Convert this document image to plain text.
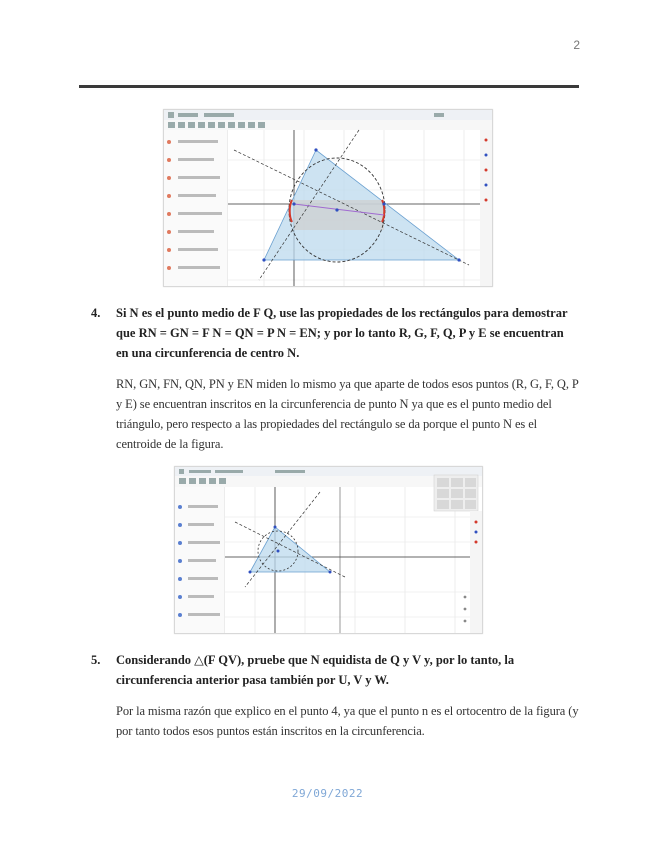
2
4. Si N es el punto medio de F Q, use las propiedades de los rectángulos para demostrar que RN = GN = F N = QN = P N = EN; y por lo tanto R, G, F, Q, P y E se encuentran en una circunferencia de centro N.
RN, GN, FN, QN, PN y EN miden lo mismo ya que aparte de todos esos puntos (R, G, F, Q, P y E) se encuentran inscritos en la circunferencia de punto N ya que es el punto medio del triángulo, pero respecto a las propiedades del rectángulo se da porque el punto N es el centroide de la figura.
5. Considerando △(F QV), pruebe que N equidista de Q y V y, por lo tanto, la circunferencia anterior pasa también por U, V y W.
Por la misma razón que explico en el punto 4, ya que el punto n es el ortocentro de la figura (y por tanto todos esos puntos están inscritos en la circunferencia.
29/09/2022
